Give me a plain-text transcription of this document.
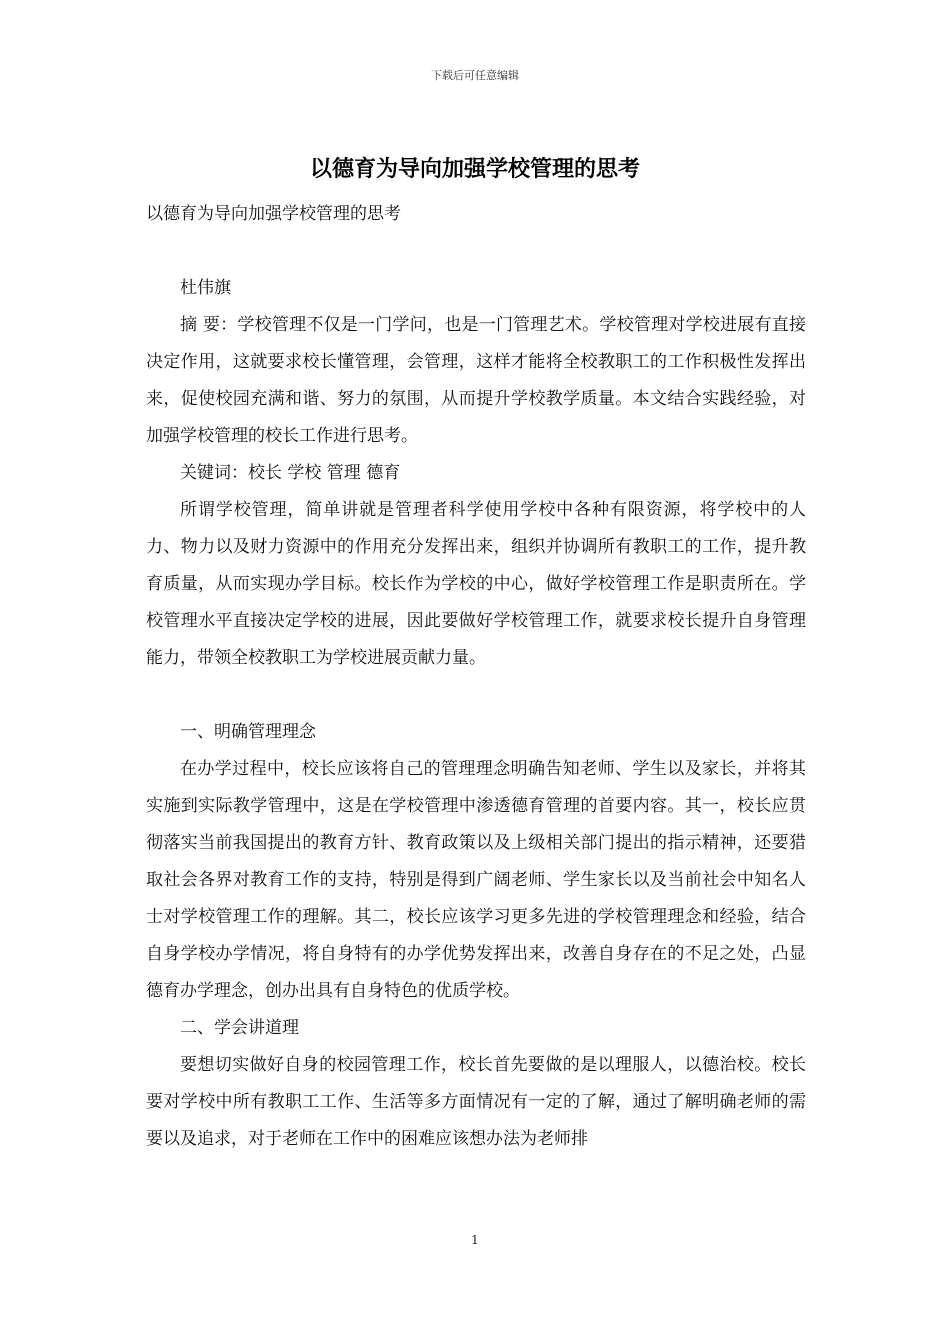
下载后可任意编辑
以德育为导向加强学校管理的思考

以德育为导向加强学校管理的思考

杜伟旗

摘 要：学校管理不仅是一门学问，也是一门管理艺术。学校管理对学校进展有直接决定作用，这就要求校长懂管理，会管理，这样才能将全校教职工的工作积极性发挥出来，促使校园充满和谐、努力的氛围，从而提升学校教学质量。本文结合实践经验，对加强学校管理的校长工作进行思考。

关键词：校长 学校 管理 德育

所谓学校管理，简单讲就是管理者科学使用学校中各种有限资源，将学校中的人力、物力以及财力资源中的作用充分发挥出来，组织并协调所有教职工的工作，提升教育质量，从而实现办学目标。校长作为学校的中心，做好学校管理工作是职责所在。学校管理水平直接决定学校的进展，因此要做好学校管理工作，就要求校长提升自身管理能力，带领全校教职工为学校进展贡献力量。

一、明确管理理念

在办学过程中，校长应该将自己的管理理念明确告知老师、学生以及家长，并将其实施到实际教学管理中，这是在学校管理中渗透德育管理的首要内容。其一，校长应贯彻落实当前我国提出的教育方针、教育政策以及上级相关部门提出的指示精神，还要猎取社会各界对教育工作的支持，特别是得到广阔老师、学生家长以及当前社会中知名人士对学校管理工作的理解。其二，校长应该学习更多先进的学校管理理念和经验，结合自身学校办学情况，将自身特有的办学优势发挥出来，改善自身存在的不足之处，凸显德育办学理念，创办出具有自身特色的优质学校。

二、学会讲道理

要想切实做好自身的校园管理工作，校长首先要做的是以理服人，以德治校。校长要对学校中所有教职工工作、生活等多方面情况有一定的了解，通过了解明确老师的需要以及追求，对于老师在工作中的困难应该想办法为老师排

1
